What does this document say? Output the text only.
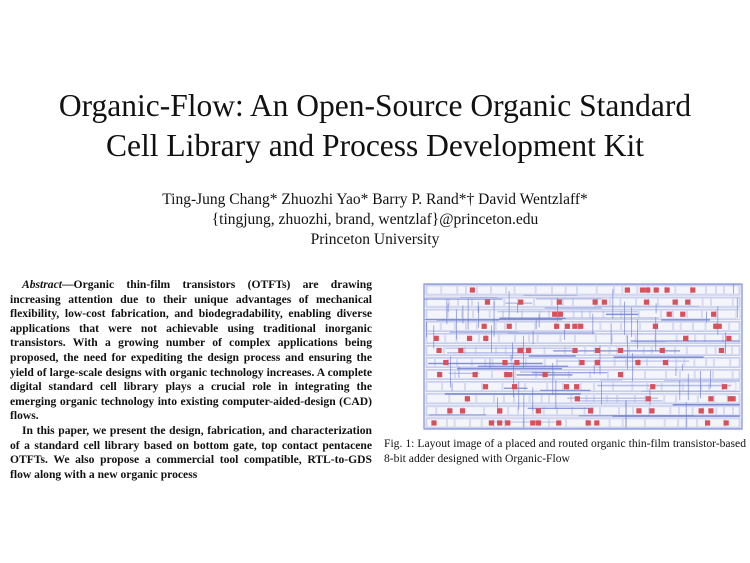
Organic-Flow: An Open-Source Organic Standard
Cell Library and Process Development Kit
Ting-Jung Chang* Zhuozhi Yao* Barry P. Rand*† David Wentzlaff*
{tingjung, zhuozhi, brand, wentzlaf}@princeton.edu
Princeton University

Abstract—Organic thin-film transistors (OTFTs) are drawing increasing attention due to their unique advantages of mechanical flexibility, low-cost fabrication, and biodegradability, enabling diverse applications that were not achievable using traditional inorganic transistors. With a growing number of complex applications being proposed, the need for expediting the design process and ensuring the yield of large-scale designs with organic technology increases. A complete digital standard cell library plays a crucial role in integrating the emerging organic technology into existing computer-aided-design (CAD) flows.

In this paper, we present the design, fabrication, and characterization of a standard cell library based on bottom gate, top contact pentacene OTFTs. We also propose a commercial tool compatible, RTL-to-GDS flow along with a new organic process

Fig. 1: Layout image of a placed and routed organic thin-film transistor-based 8-bit adder designed with Organic-Flow
